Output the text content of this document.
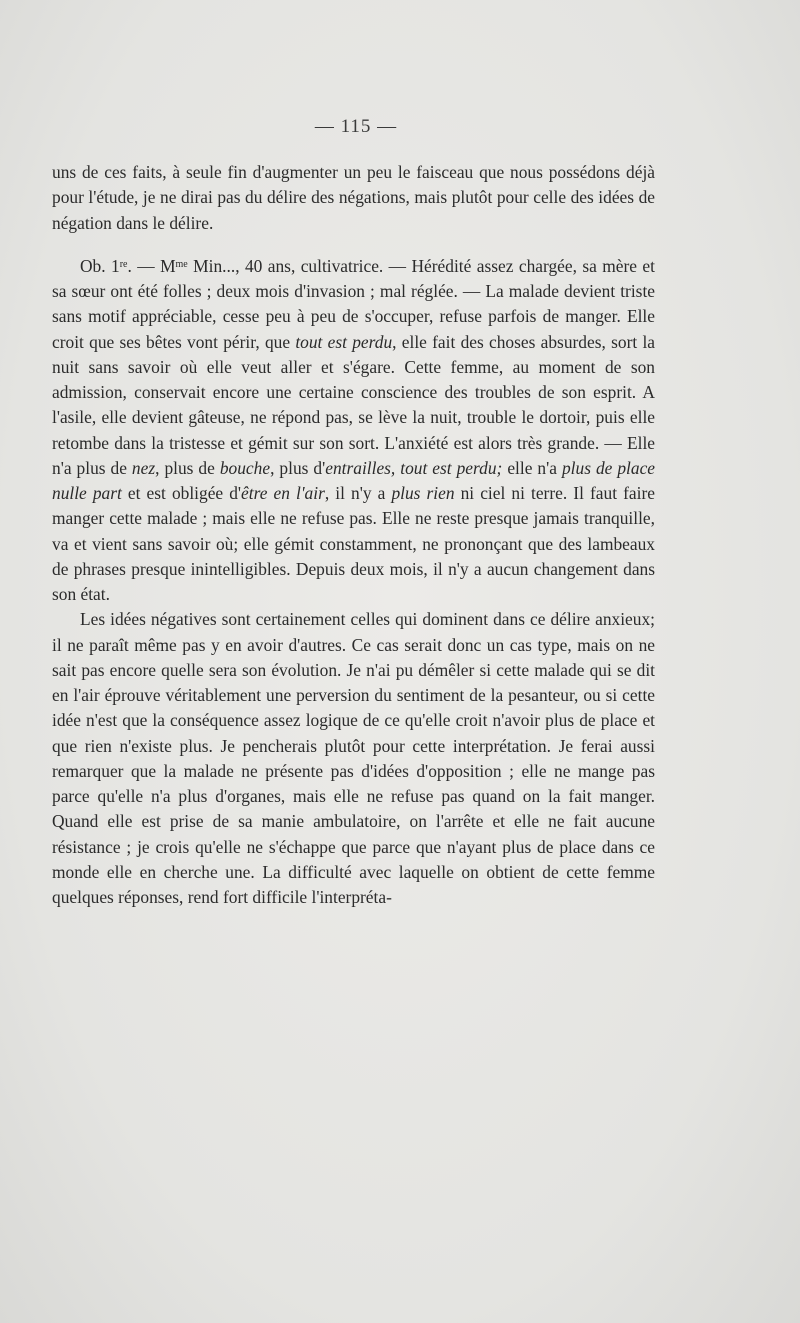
— 115 —

uns de ces faits, à seule fin d'augmenter un peu le faisceau que nous possédons déjà pour l'étude, je ne dirai pas du délire des négations, mais plutôt pour celle des idées de négation dans le délire.

Ob. 1re. — $M^{me}$ Min..., 40 ans, cultivatrice. — Hérédité assez chargée, sa mère et sa sœur ont été folles ; deux mois d'invasion ; mal réglée. — La malade devient triste sans motif appréciable, cesse peu à peu de s'occuper, refuse parfois de manger. Elle croit que ses bêtes vont périr, que tout est perdu, elle fait des choses absurdes, sort la nuit sans savoir où elle veut aller et s'égare. Cette femme, au moment de son admission, conservait encore une certaine conscience des troubles de son esprit. A l'asile, elle devient gâteuse, ne répond pas, se lève la nuit, trouble le dortoir, puis elle retombe dans la tristesse et gémit sur son sort. L'anxiété est alors très grande. — Elle n'a plus de nez, plus de bouche, plus d'entrailles, tout est perdu; elle n'a plus de place nulle part et est obligée d'être en l'air, il n'y a plus rien ni ciel ni terre. Il faut faire manger cette malade ; mais elle ne refuse pas. Elle ne reste presque jamais tranquille, va et vient sans savoir où; elle gémit constamment, ne prononçant que des lambeaux de phrases presque inintelligibles. Depuis deux mois, il n'y a aucun changement dans son état.

Les idées négatives sont certainement celles qui dominent dans ce délire anxieux; il ne paraît même pas y en avoir d'autres. Ce cas serait donc un cas type, mais on ne sait pas encore quelle sera son évolution. Je n'ai pu démêler si cette malade qui se dit en l'air éprouve véritablement une perversion du sentiment de la pesanteur, ou si cette idée n'est que la conséquence assez logique de ce qu'elle croit n'avoir plus de place et que rien n'existe plus. Je pencherais plutôt pour cette interprétation. Je ferai aussi remarquer que la malade ne présente pas d'idées d'opposition ; elle ne mange pas parce qu'elle n'a plus d'organes, mais elle ne refuse pas quand on la fait manger. Quand elle est prise de sa manie ambulatoire, on l'arrête et elle ne fait aucune résistance ; je crois qu'elle ne s'échappe que parce que n'ayant plus de place dans ce monde elle en cherche une. La difficulté avec laquelle on obtient de cette femme quelques réponses, rend fort difficile l'interpréta-
